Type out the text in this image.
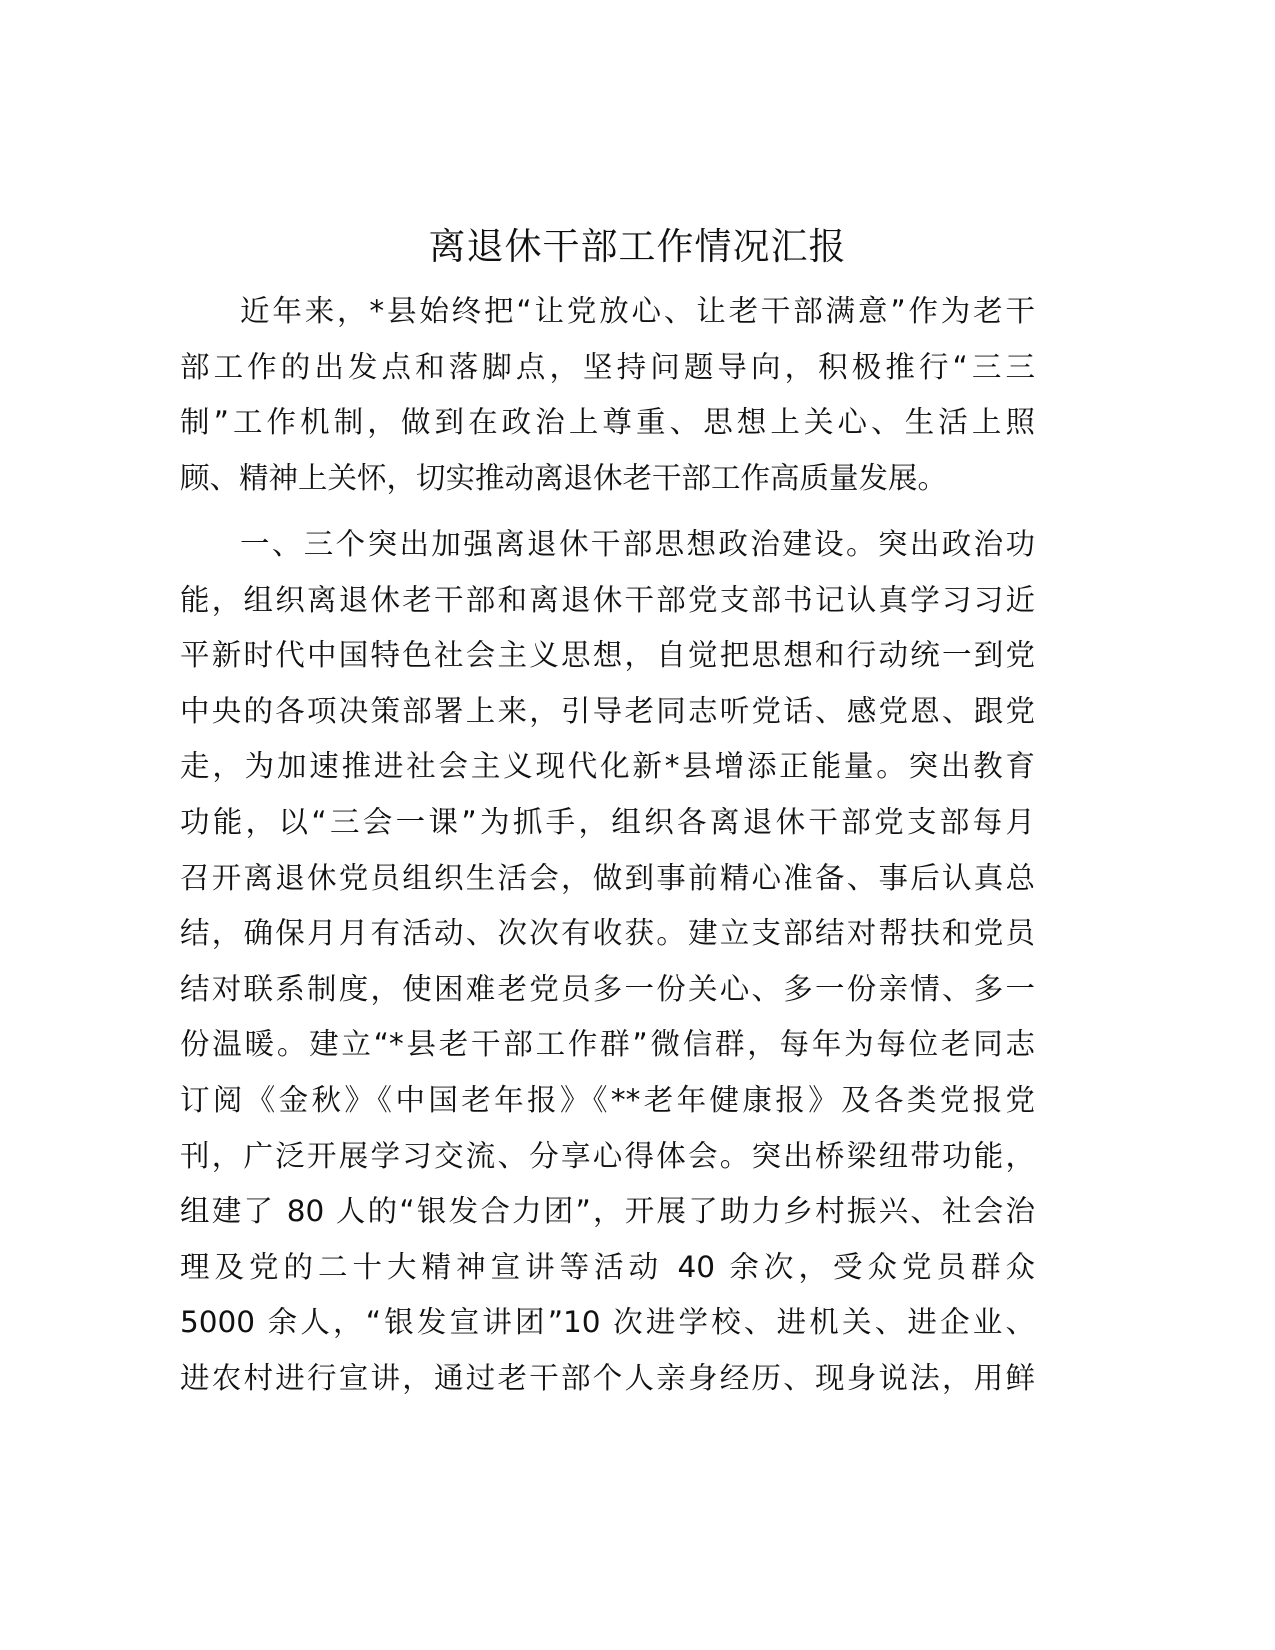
离退休干部工作情况汇报
近年来，*县始终把“让党放心、让老干部满意”作为老干
部工作的出发点和落脚点，坚持问题导向，积极推行“三三
制”工作机制，做到在政治上尊重、思想上关心、生活上照
顾、精神上关怀，切实推动离退休老干部工作高质量发展。
一、三个突出加强离退休干部思想政治建设。突出政治功
能，组织离退休老干部和离退休干部党支部书记认真学习习近
平新时代中国特色社会主义思想，自觉把思想和行动统一到党
中央的各项决策部署上来，引导老同志听党话、感党恩、跟党
走，为加速推进社会主义现代化新*县增添正能量。突出教育
功能，以“三会一课”为抓手，组织各离退休干部党支部每月
召开离退休党员组织生活会，做到事前精心准备、事后认真总
结，确保月月有活动、次次有收获。建立支部结对帮扶和党员
结对联系制度，使困难老党员多一份关心、多一份亲情、多一
份温暖。建立“*县老干部工作群”微信群，每年为每位老同志
订阅《金秋》《中国老年报》《**老年健康报》及各类党报党
刊，广泛开展学习交流、分享心得体会。突出桥梁纽带功能，
组建了 80 人的“银发合力团”，开展了助力乡村振兴、社会治
理及党的二十大精神宣讲等活动 40 余次，受众党员群众
5000 余人，“银发宣讲团”10 次进学校、进机关、进企业、
进农村进行宣讲，通过老干部个人亲身经历、现身说法，用鲜
